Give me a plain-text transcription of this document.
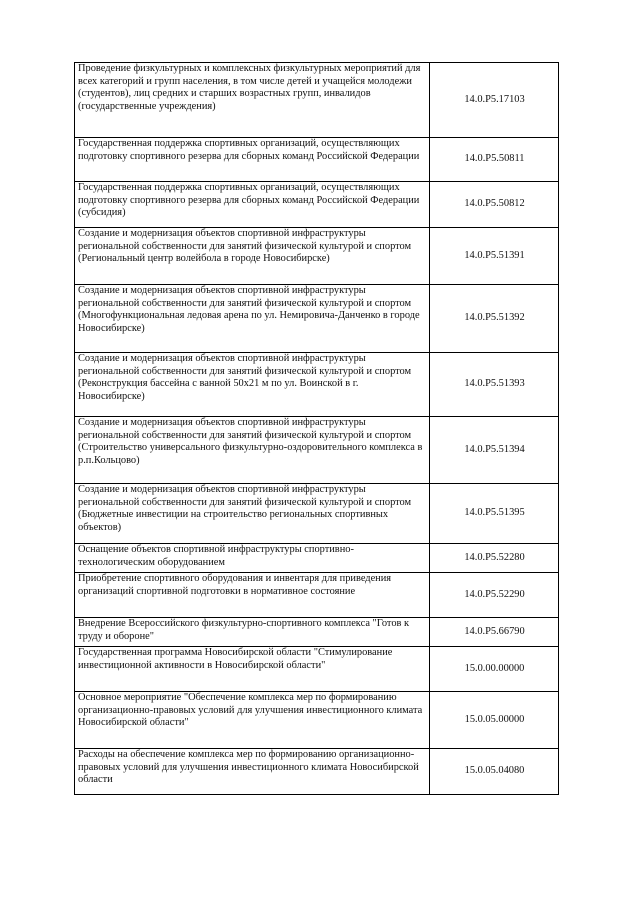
Проведение физкультурных и комплексных физкультурных мероприятий для всех категорий и групп населения, в том числе детей и учащейся молодежи (студентов), лиц средних и старших возрастных групп, инвалидов (государственные учреждения)	14.0.P5.17103
Государственная поддержка спортивных организаций, осуществляющих подготовку спортивного резерва для сборных команд Российской Федерации	14.0.P5.50811
Государственная поддержка спортивных организаций, осуществляющих подготовку спортивного резерва для сборных команд Российской Федерации (субсидия)	14.0.P5.50812
Создание и модернизация объектов спортивной инфраструктуры региональной собственности для занятий физической культурой и спортом (Региональный центр волейбола в городе Новосибирске)	14.0.P5.51391
Создание и модернизация объектов спортивной инфраструктуры региональной собственности для занятий физической культурой и спортом (Многофункциональная ледовая арена по ул. Немировича-Данченко в городе Новосибирске)	14.0.P5.51392
Создание и модернизация объектов спортивной инфраструктуры региональной собственности для занятий физической культурой и спортом (Реконструкция бассейна с ванной 50x21 м по ул. Воинской в г. Новосибирске)	14.0.P5.51393
Создание и модернизация объектов спортивной инфраструктуры региональной собственности для занятий физической культурой и спортом (Строительство универсального физкультурно-оздоровительного комплекса в р.п.Кольцово)	14.0.P5.51394
Создание и модернизация объектов спортивной инфраструктуры региональной собственности для занятий физической культурой и спортом (Бюджетные инвестиции на строительство региональных спортивных объектов)	14.0.P5.51395
Оснащение объектов спортивной инфраструктуры спортивно-технологическим оборудованием	14.0.P5.52280
Приобретение спортивного оборудования и инвентаря для приведения организаций спортивной подготовки в нормативное состояние	14.0.P5.52290
Внедрение Всероссийского физкультурно-спортивного комплекса "Готов к труду и обороне"	14.0.P5.66790
Государственная программа Новосибирской области "Стимулирование инвестиционной активности в Новосибирской области"	15.0.00.00000
Основное мероприятие "Обеспечение комплекса мер по формированию организационно-правовых условий для улучшения инвестиционного климата Новосибирской области"	15.0.05.00000
Расходы на обеспечение комплекса мер по формированию организационно-правовых условий для улучшения инвестиционного климата Новосибирской области	15.0.05.04080
